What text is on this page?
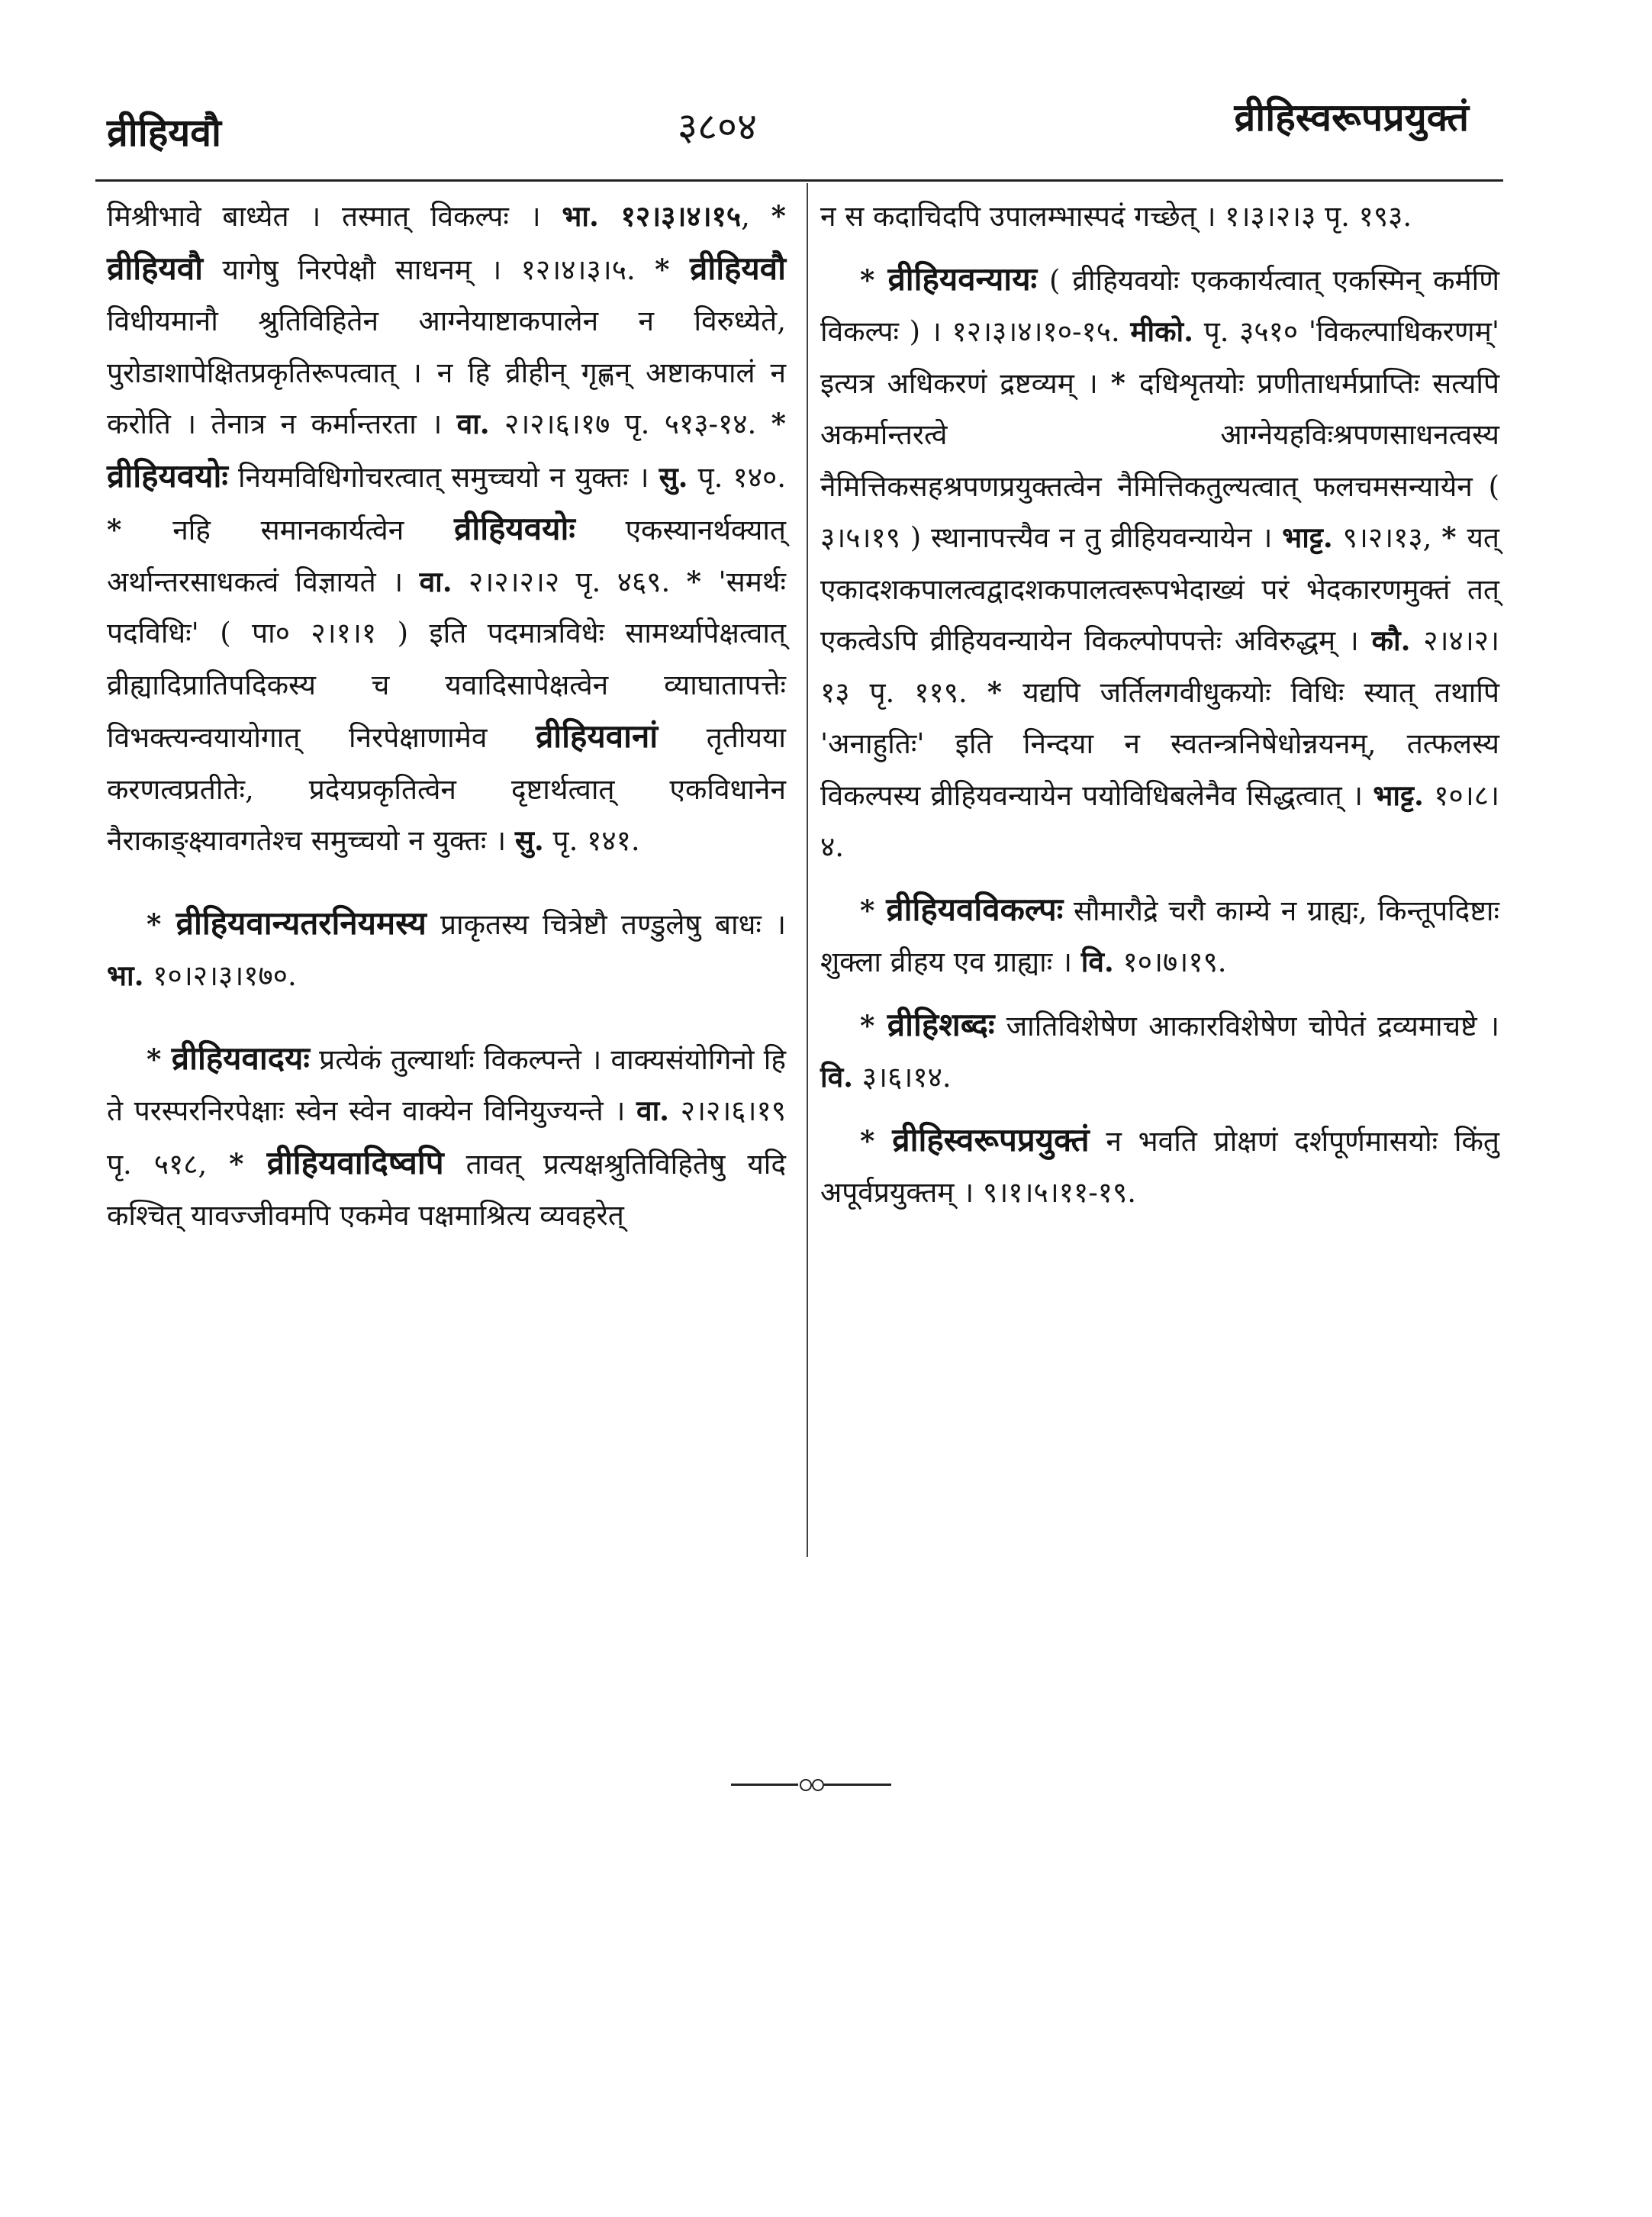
व्रीहियवौ	३८०४	व्रीहिस्वरूपप्रयुक्तं

मिश्रीभावे बाध्येत । तस्मात् विकल्पः । भा. १२।३।४।१५, * व्रीहियवौ यागेषु निरपेक्षौ साधनम् । १२।४।३।५. * व्रीहियवौ विधीयमानौ श्रुतिविहितेन आग्नेयाष्टाकपालेन न विरुध्येते, पुरोडाशापेक्षितप्रकृतिरूपत्वात् । न हि व्रीहीन् गृह्णन् अष्टाकपालं न करोति । तेनात्र न कर्मान्तरता । वा. २।२।६।१७ पृ. ५१३-१४. * व्रीहियवयोः नियमविधिगोचरत्वात् समुच्चयो न युक्तः । सु. पृ. १४०. * नहि समानकार्यत्वेन व्रीहियवयोः एकस्यानर्थक्यात् अर्थान्तरसाधकत्वं विज्ञायते । वा. २।२।२।२ पृ. ४६९. * 'समर्थः पदविधिः' ( पा० २।१।१ ) इति पदमात्रविधेः सामर्थ्यापेक्षत्वात् व्रीह्यादिप्रातिपदिकस्य च यवादिसापेक्षत्वेन व्याघातापत्तेः विभक्त्यन्वयायोगात् निरपेक्षाणामेव व्रीहियवानां तृतीयया करणत्वप्रतीतेः, प्रदेयप्रकृतित्वेन दृष्टार्थत्वात् एकविधानेन नैराकाङ्क्ष्यावगतेश्च समुच्चयो न युक्तः । सु. पृ. १४१.

* व्रीहियवान्यतरनियमस्य प्राकृतस्य चित्रेष्टौ तण्डुलेषु बाधः । भा. १०।२।३।१७०.

* व्रीहियवादयः प्रत्येकं तुल्यार्थाः विकल्पन्ते । वाक्यसंयोगिनो हि ते परस्परनिरपेक्षाः स्वेन स्वेन वाक्येन विनियुज्यन्ते । वा. २।२।६।१९ पृ. ५१८, * व्रीहियवादिष्वपि तावत् प्रत्यक्षश्रुतिविहितेषु यदि कश्चित् यावज्जीवमपि एकमेव पक्षमाश्रित्य व्यवहरेत्

न स कदाचिदपि उपालम्भास्पदं गच्छेत् । १।३।२।३ पृ. १९३.

* व्रीहियवन्यायः ( व्रीहियवयोः एककार्यत्वात् एकस्मिन् कर्मणि विकल्पः ) । १२।३।४।१०-१५. मीको. पृ. ३५१० 'विकल्पाधिकरणम्' इत्यत्र अधिकरणं द्रष्टव्यम् । * दधिशृतयोः प्रणीताधर्मप्राप्तिः सत्यपि अकर्मान्तरत्वे आग्नेयहविःश्रपणसाधनत्वस्य नैमित्तिकसहश्रपणप्रयुक्तत्वेन नैमित्तिकतुल्यत्वात् फलचमसन्यायेन ( ३।५।१९ ) स्थानापत्त्यैव न तु व्रीहियवन्यायेन । भाट्ट. ९।२।१३, * यत् एकादशकपालत्वद्वादशकपालत्वरूपभेदाख्यं परं भेदकारणमुक्तं तत् एकत्वेऽपि व्रीहियवन्यायेन विकल्पोपपत्तेः अविरुद्धम् । कौ. २।४।२।१३ पृ. ११९. * यद्यपि जर्तिलगवीधुकयोः विधिः स्यात् तथापि 'अनाहुतिः' इति निन्दया न स्वतन्त्रनिषेधोन्नयनम्, तत्फलस्य विकल्पस्य व्रीहियवन्यायेन पयोविधिबलेनैव सिद्धत्वात् । भाट्ट. १०।८।४.

* व्रीहियवविकल्पः सौमारौद्रे चरौ काम्ये न ग्राह्यः, किन्तूपदिष्टाः शुक्ला व्रीहय एव ग्राह्याः । वि. १०।७।१९.

* व्रीहिशब्दः जातिविशेषेण आकारविशेषेण चोपेतं द्रव्यमाचष्टे । वि. ३।६।१४.

* व्रीहिस्वरूपप्रयुक्तं न भवति प्रोक्षणं दर्शपूर्णमासयोः किंतु अपूर्वप्रयुक्तम् । ९।१।५।११-१९.
